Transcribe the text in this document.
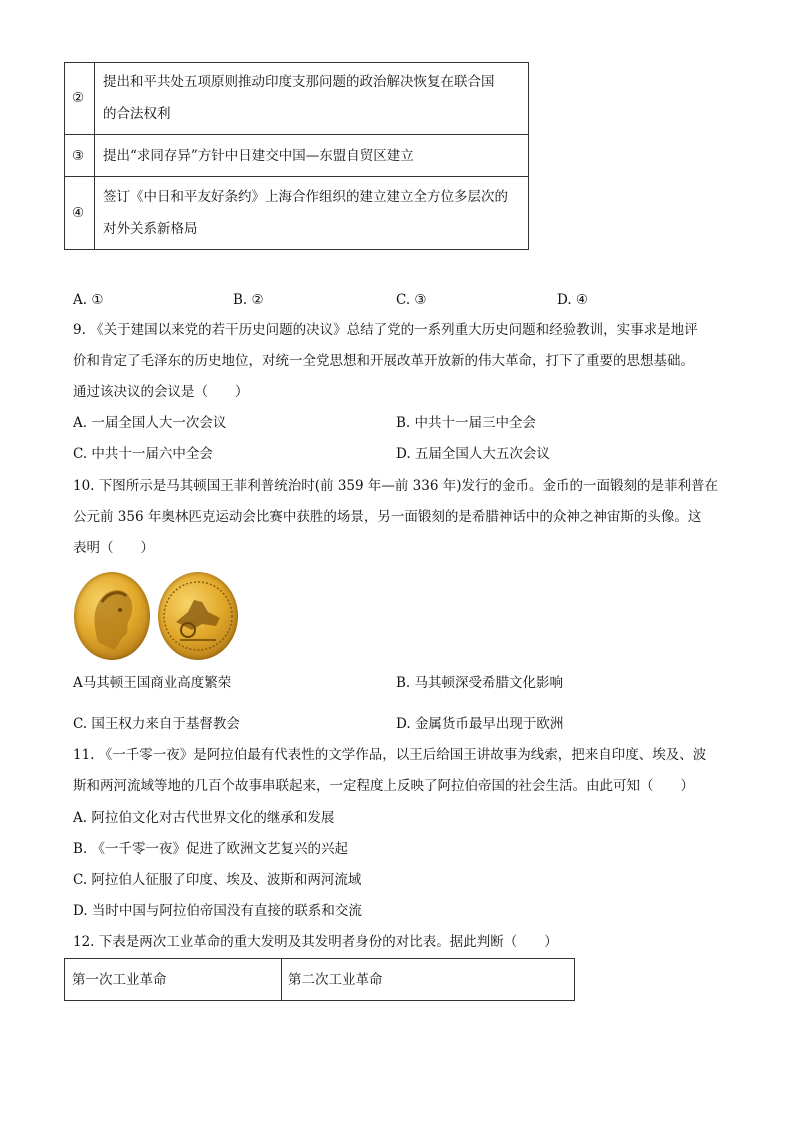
②
提出和平共处五项原则推动印度支那问题的政治解决恢复在联合国
的合法权利
③ 提出“求同存异”方针中日建交中国—东盟自贸区建立
④
签订《中日和平友好条约》上海合作组织的建立建立全方位多层次的
对外关系新格局
A. ①	B. ②	C. ③	D. ④
9. 《关于建国以来党的若干历史问题的决议》总结了党的一系列重大历史问题和经验教训，实事求是地评
价和肯定了毛泽东的历史地位，对统一全党思想和开展改革开放新的伟大革命，打下了重要的思想基础。
通过该决议的会议是（　　）
A. 一届全国人大一次会议	B. 中共十一届三中全会
C. 中共十一届六中全会	D. 五届全国人大五次会议
10. 下图所示是马其顿国王菲利普统治时(前 359 年—前 336 年)发行的金币。金币的一面锻刻的是菲利普在
公元前 356 年奥林匹克运动会比赛中获胜的场景，另一面锻刻的是希腊神话中的众神之神宙斯的头像。这
表明（　　）
A马其顿王国商业高度繁荣	B. 马其顿深受希腊文化影响
C. 国王权力来自于基督教会	D. 金属货币最早出现于欧洲
11. 《一千零一夜》是阿拉伯最有代表性的文学作品，以王后给国王讲故事为线索，把来自印度、埃及、波
斯和两河流域等地的几百个故事串联起来，一定程度上反映了阿拉伯帝国的社会生活。由此可知（　　）
A. 阿拉伯文化对古代世界文化的继承和发展
B. 《一千零一夜》促进了欧洲文艺复兴的兴起
C. 阿拉伯人征服了印度、埃及、波斯和两河流域
D. 当时中国与阿拉伯帝国没有直接的联系和交流
12. 下表是两次工业革命的重大发明及其发明者身份的对比表。据此判断（　　）
第一次工业革命	第二次工业革命
